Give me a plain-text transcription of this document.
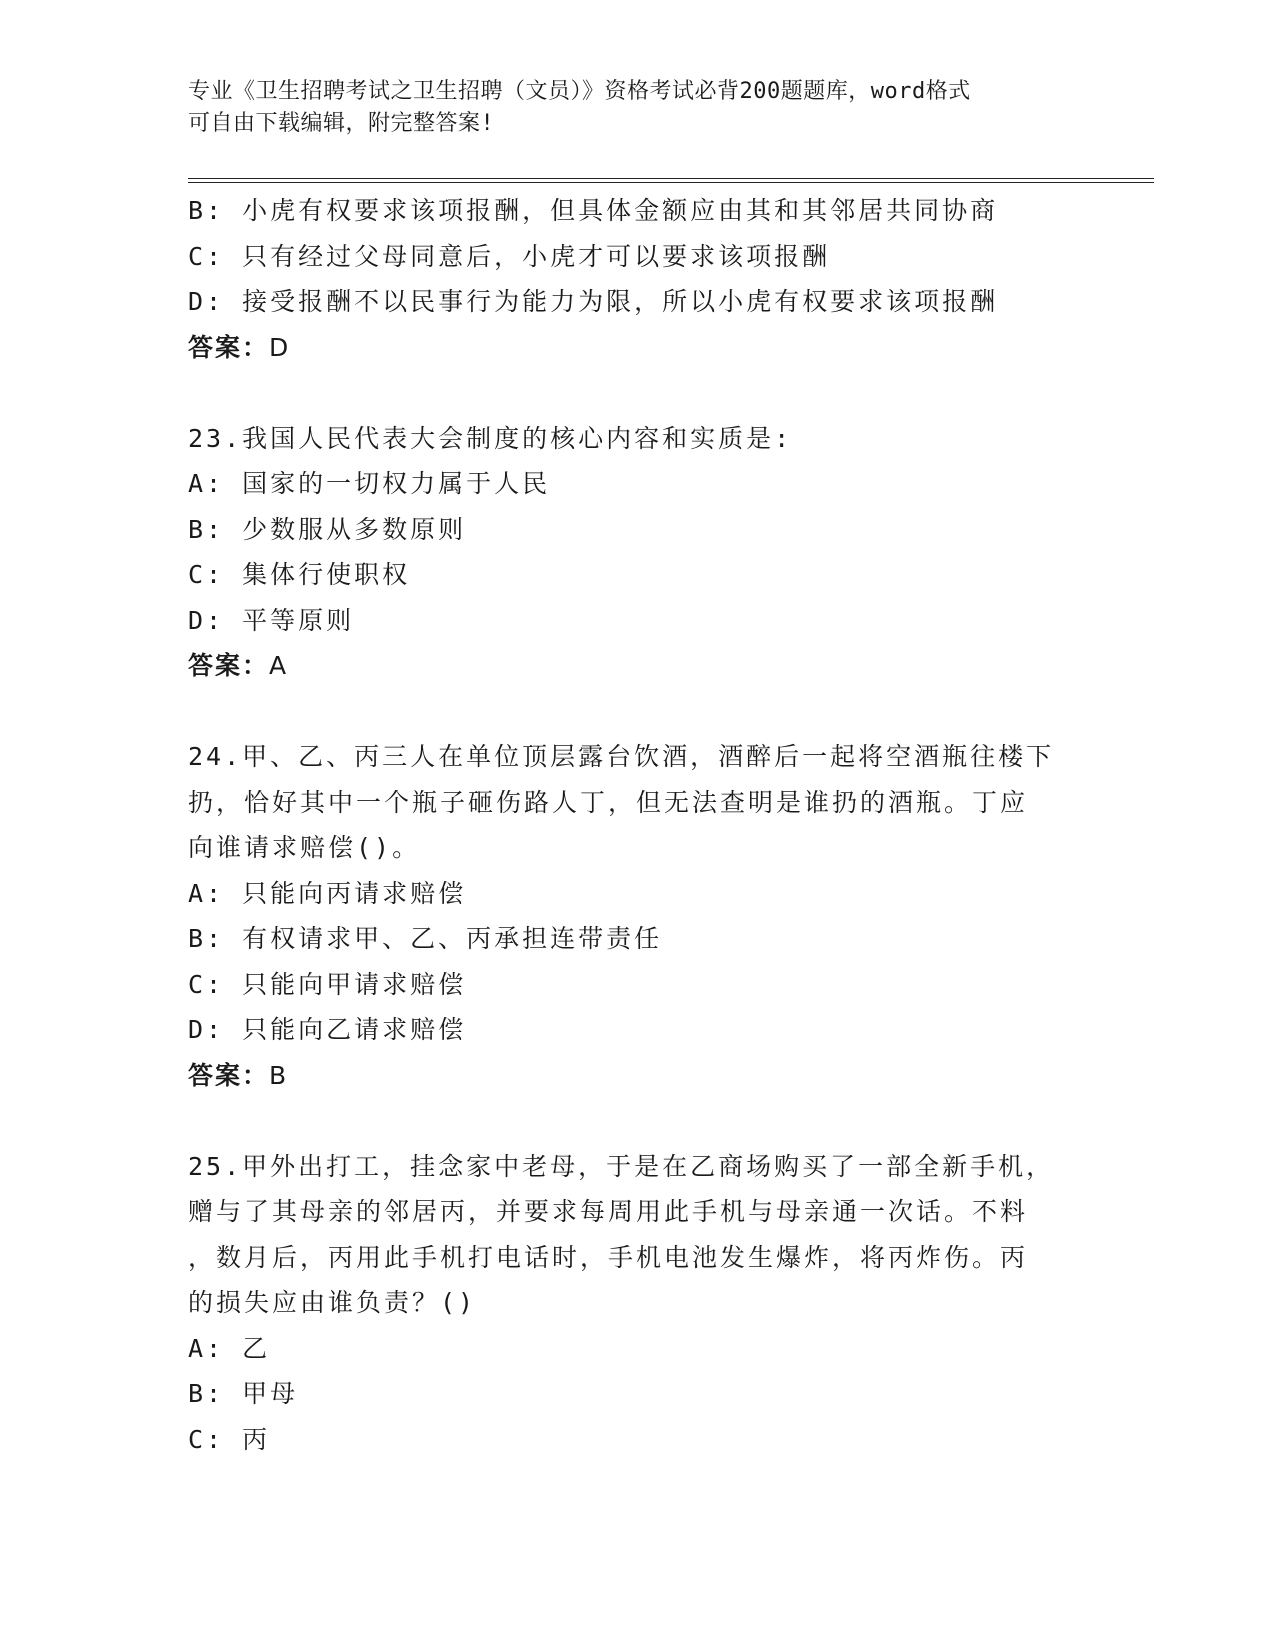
专业《卫生招聘考试之卫生招聘（文员）》资格考试必背200题题库，word格式
可自由下载编辑，附完整答案!
B: 小虎有权要求该项报酬，但具体金额应由其和其邻居共同协商
C: 只有经过父母同意后，小虎才可以要求该项报酬
D: 接受报酬不以民事行为能力为限，所以小虎有权要求该项报酬
答案：D
23.我国人民代表大会制度的核心内容和实质是:
A: 国家的一切权力属于人民
B: 少数服从多数原则
C: 集体行使职权
D: 平等原则
答案：A
24.甲、乙、丙三人在单位顶层露台饮酒，酒醉后一起将空酒瓶往楼下
扔，恰好其中一个瓶子砸伤路人丁，但无法查明是谁扔的酒瓶。丁应
向谁请求赔偿()。
A: 只能向丙请求赔偿
B: 有权请求甲、乙、丙承担连带责任
C: 只能向甲请求赔偿
D: 只能向乙请求赔偿
答案：B
25.甲外出打工，挂念家中老母，于是在乙商场购买了一部全新手机，
赠与了其母亲的邻居丙，并要求每周用此手机与母亲通一次话。不料
，数月后，丙用此手机打电话时，手机电池发生爆炸，将丙炸伤。丙
的损失应由谁负责？()
A: 乙
B: 甲母
C: 丙
